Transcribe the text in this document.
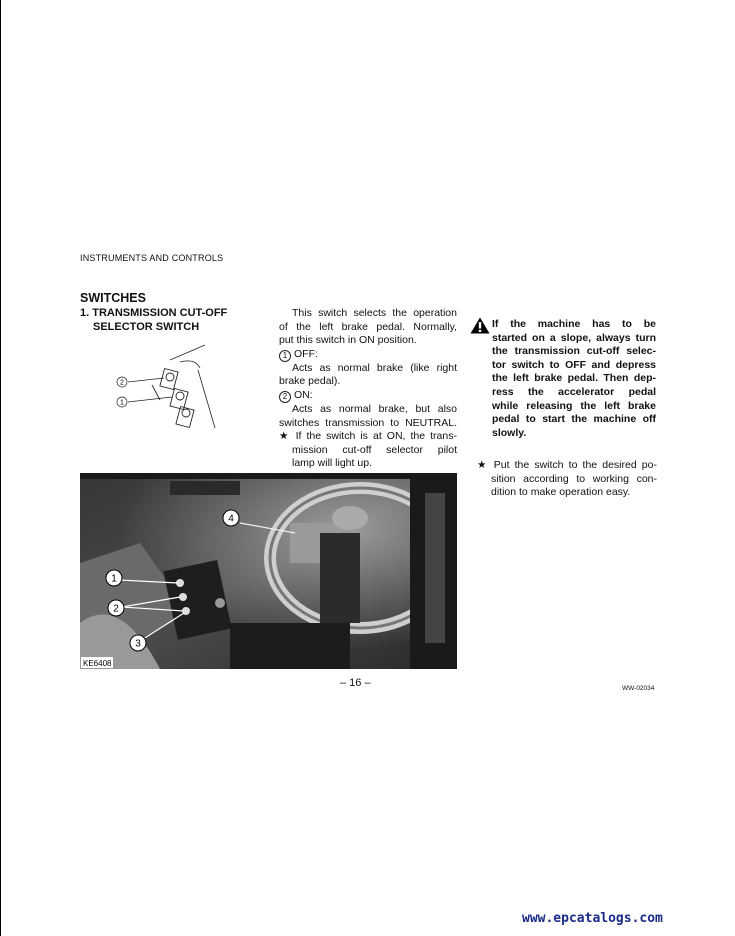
INSTRUMENTS AND CONTROLS
SWITCHES
1. TRANSMISSION CUT-OFF
SELECTOR SWITCH
2
1
This switch selects the operation
of the left brake pedal. Normally,
put this switch in ON position.
1 OFF:
Acts as normal brake (like right
brake pedal).
2 ON:
Acts as normal brake, but also
switches transmission to NEUTRAL.
★ If the switch is at ON, the trans-
mission cut-off selector pilot
lamp will light up.
If the machine has to be
started on a slope, always turn
the transmission cut-off selec-
tor switch to OFF and depress
the left brake pedal. Then dep-
ress the accelerator pedal
while releasing the left brake
pedal to start the machine off
slowly.
★ Put the switch to the desired po-
sition according to working con-
dition to make operation easy.
1
2
3
4
KE6408
– 16 –	WW-02034
www.epcatalogs.com
